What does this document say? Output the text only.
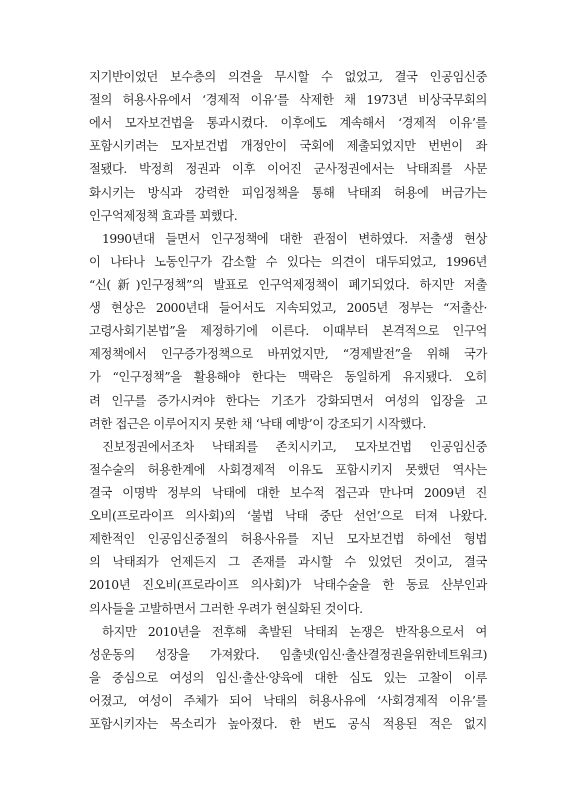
지기반이었던 보수층의 의견을 무시할 수 없었고, 결국 인공임신중
절의 허용사유에서 ‘경제적 이유’를 삭제한 채 1973년 비상국무회의
에서 모자보건법을 통과시켰다. 이후에도 계속해서 ‘경제적 이유’를
포함시키려는 모자보건법 개정안이 국회에 제출되었지만 번번이 좌
절됐다. 박정희 정권과 이후 이어진 군사정권에서는 낙태죄를 사문
화시키는 방식과 강력한 피임정책을 통해 낙태죄 허용에 버금가는
인구억제정책 효과를 꾀했다.
1990년대 들면서 인구정책에 대한 관점이 변하였다. 저출생 현상
이 나타나 노동인구가 감소할 수 있다는 의견이 대두되었고, 1996년
“신(新)인구정책”의 발표로 인구억제정책이 폐기되었다. 하지만 저출
생 현상은 2000년대 들어서도 지속되었고, 2005년 정부는 “저출산·
고령사회기본법”을 제정하기에 이른다. 이때부터 본격적으로 인구억
제정책에서 인구증가정책으로 바뀌었지만, “경제발전”을 위해 국가
가 “인구정책”을 활용해야 한다는 맥락은 동일하게 유지됐다. 오히
려 인구를 증가시켜야 한다는 기조가 강화되면서 여성의 입장을 고
려한 접근은 이루어지지 못한 채 ‘낙태 예방’이 강조되기 시작했다.
진보정권에서조차 낙태죄를 존치시키고, 모자보건법 인공임신중
절수술의 허용한계에 사회경제적 이유도 포함시키지 못했던 역사는
결국 이명박 정부의 낙태에 대한 보수적 접근과 만나며 2009년 진
오비(프로라이프 의사회)의 ‘불법 낙태 중단 선언’으로 터져 나왔다.
제한적인 인공임신중절의 허용사유를 지닌 모자보건법 하에선 형법
의 낙태죄가 언제든지 그 존재를 과시할 수 있었던 것이고, 결국
2010년 진오비(프로라이프 의사회)가 낙태수술을 한 동료 산부인과
의사들을 고발하면서 그러한 우려가 현실화된 것이다.
하지만 2010년을 전후해 촉발된 낙태죄 논쟁은 반작용으로서 여
성운동의 성장을 가져왔다. 임출넷(임신·출산결정권을위한네트워크)
을 중심으로 여성의 임신·출산·양육에 대한 심도 있는 고찰이 이루
어졌고, 여성이 주체가 되어 낙태의 허용사유에 ‘사회경제적 이유’를
포함시키자는 목소리가 높아졌다. 한 번도 공식 적용된 적은 없지
